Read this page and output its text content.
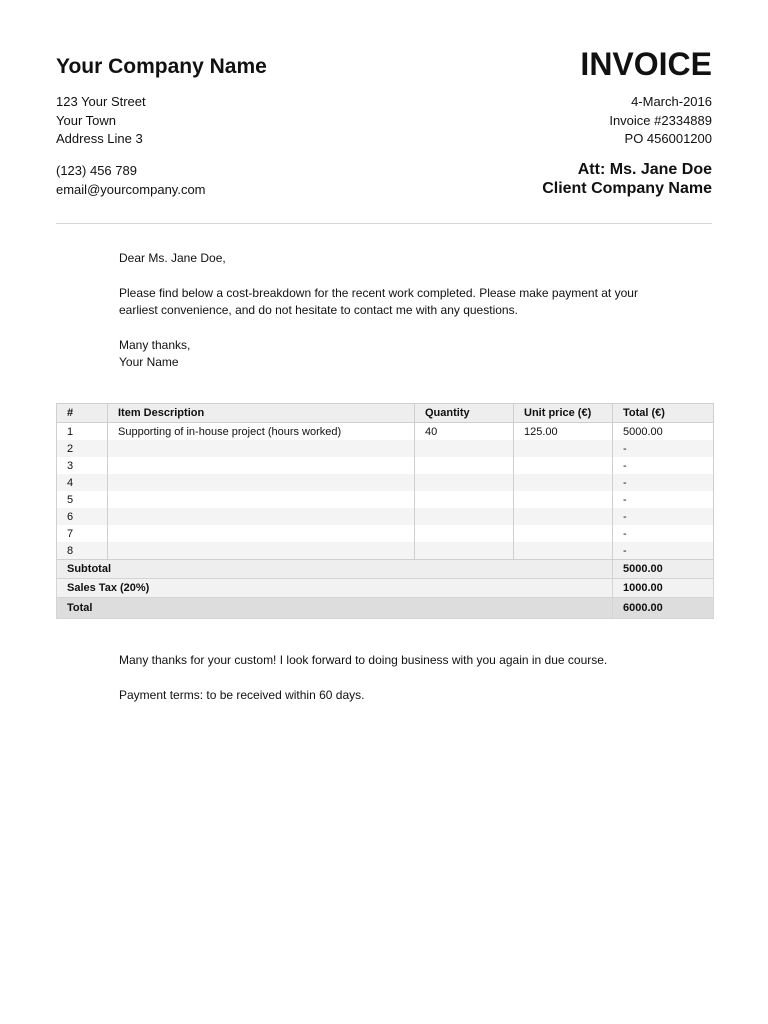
Your Company Name
123 Your Street
Your Town
Address Line 3
(123) 456 789
email@yourcompany.com
INVOICE
4-March-2016
Invoice #2334889
PO 456001200
Att: Ms. Jane Doe
Client Company Name

Dear Ms. Jane Doe,

Please find below a cost-breakdown for the recent work completed. Please make payment at your earliest convenience, and do not hesitate to contact me with any questions.

Many thanks,

Your Name

#	Item Description	Quantity	Unit price (€)	Total (€)
1	Supporting of in-house project (hours worked)	40	125.00	5000.00
2				-
3				-
4				-
5				-
6				-
7				-
8				-
Subtotal				5000.00
Sales Tax (20%)				1000.00
Total				6000.00

Many thanks for your custom! I look forward to doing business with you again in due course.

Payment terms: to be received within 60 days.
